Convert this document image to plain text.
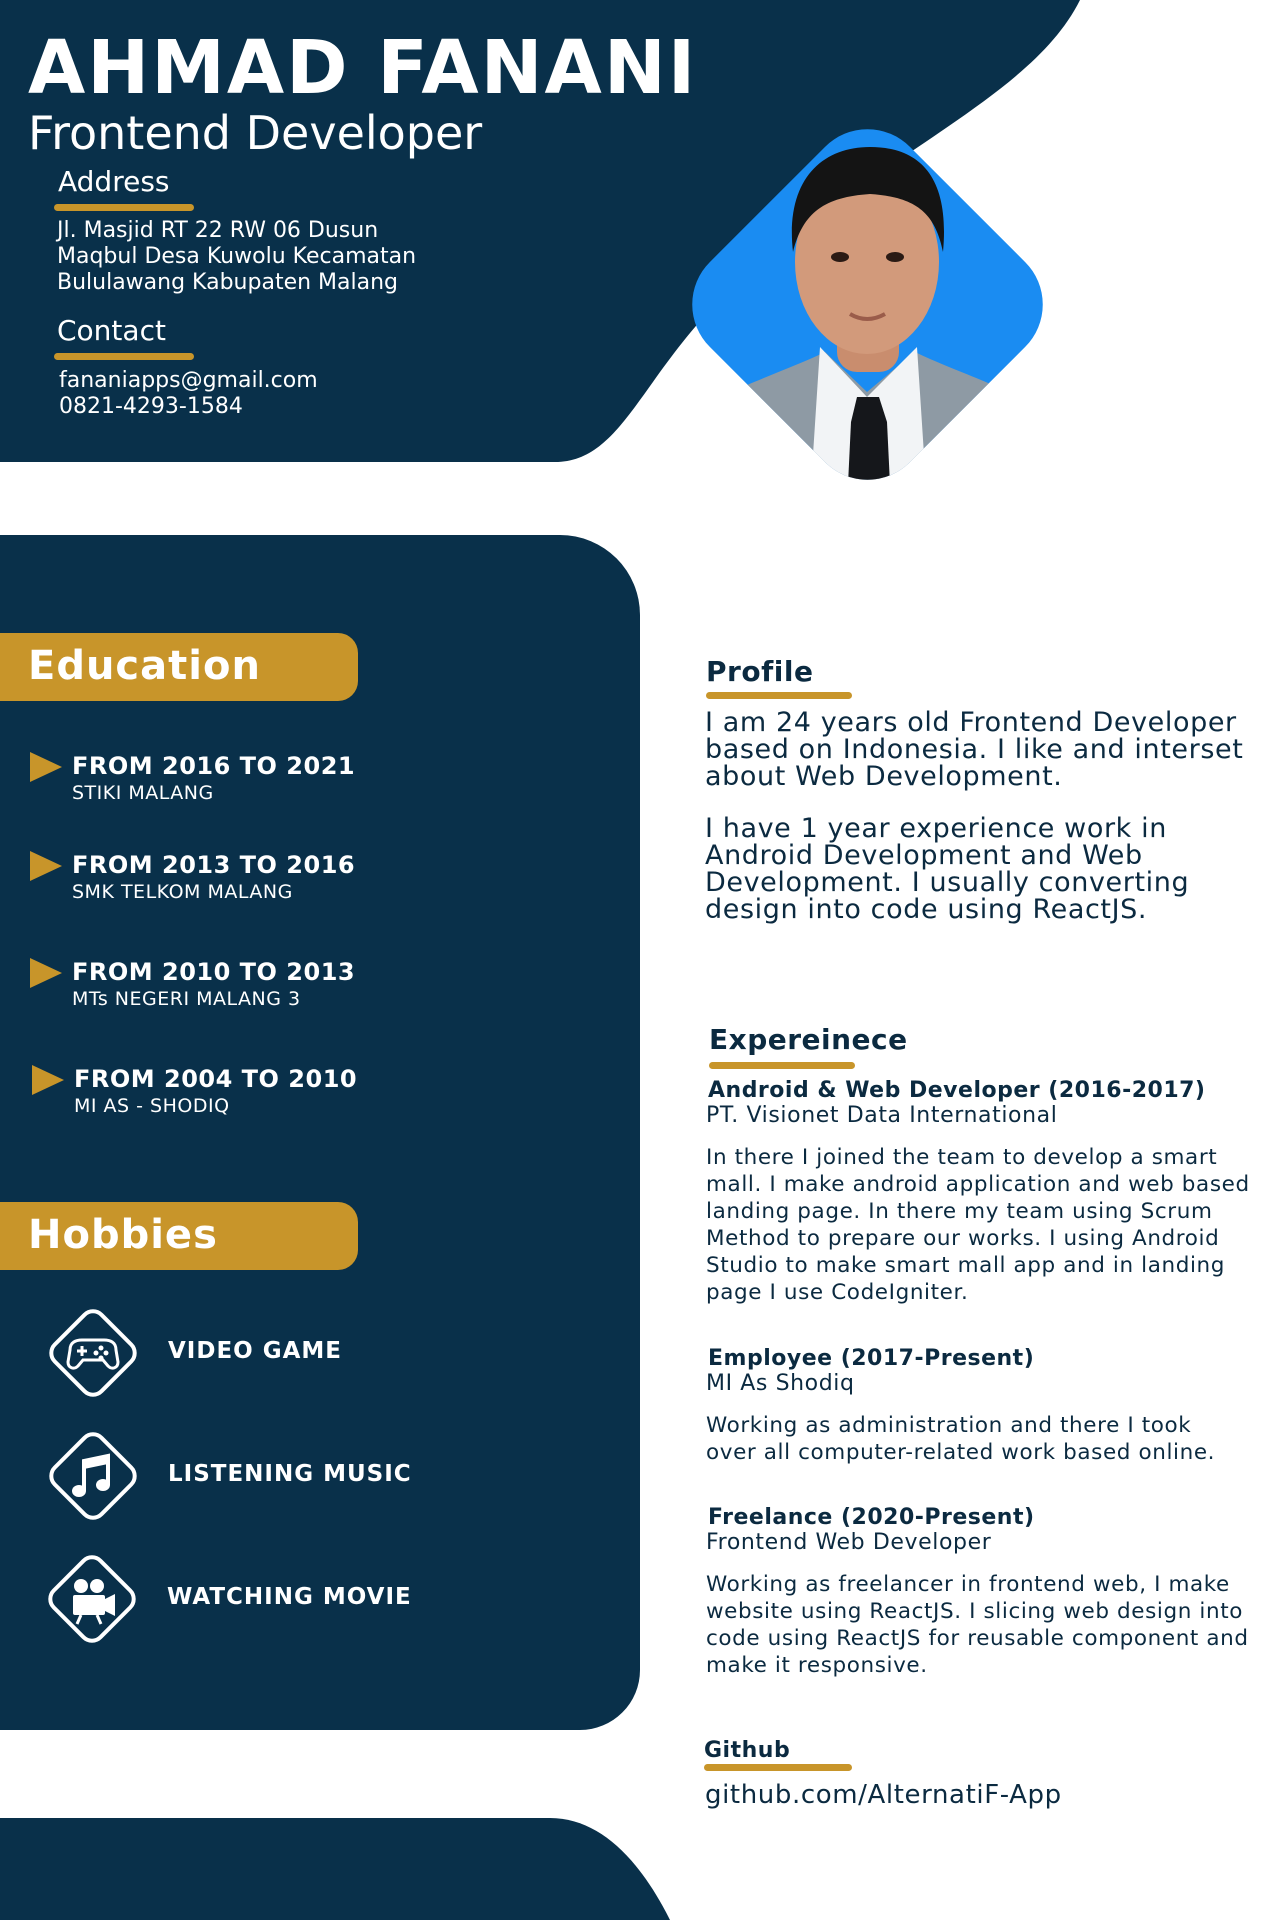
AHMAD FANANI
Frontend Developer
Address
Jl. Masjid RT 22 RW 06 Dusun
Maqbul Desa Kuwolu Kecamatan
Bululawang Kabupaten Malang
Contact
fananiapps@gmail.com
0821-4293-1584
Education
FROM 2016 TO 2021
STIKI MALANG
FROM 2013 TO 2016
SMK TELKOM MALANG
FROM 2010 TO 2013
MTs NEGERI MALANG 3
FROM 2004 TO 2010
MI AS - SHODIQ
Hobbies
VIDEO GAME
LISTENING MUSIC
WATCHING MOVIE
Profile
I am 24 years old Frontend Developer
based on Indonesia. I like and interset
about Web Development.
I have 1 year experience work in
Android Development and Web
Development. I usually converting
design into code using ReactJS.
Expereinece
Android & Web Developer (2016-2017)
PT. Visionet Data International
In there I joined the team to develop a smart
mall. I make android application and web based
landing page. In there my team using Scrum
Method to prepare our works. I using Android
Studio to make smart mall app and in landing
page I use CodeIgniter.
Employee (2017-Present)
MI As Shodiq
Working as administration and there I took
over all computer-related work based online.
Freelance (2020-Present)
Frontend Web Developer
Working as freelancer in frontend web, I make
website using ReactJS. I slicing web design into
code using ReactJS for reusable component and
make it responsive.
Github
github.com/AlternatiF-App
